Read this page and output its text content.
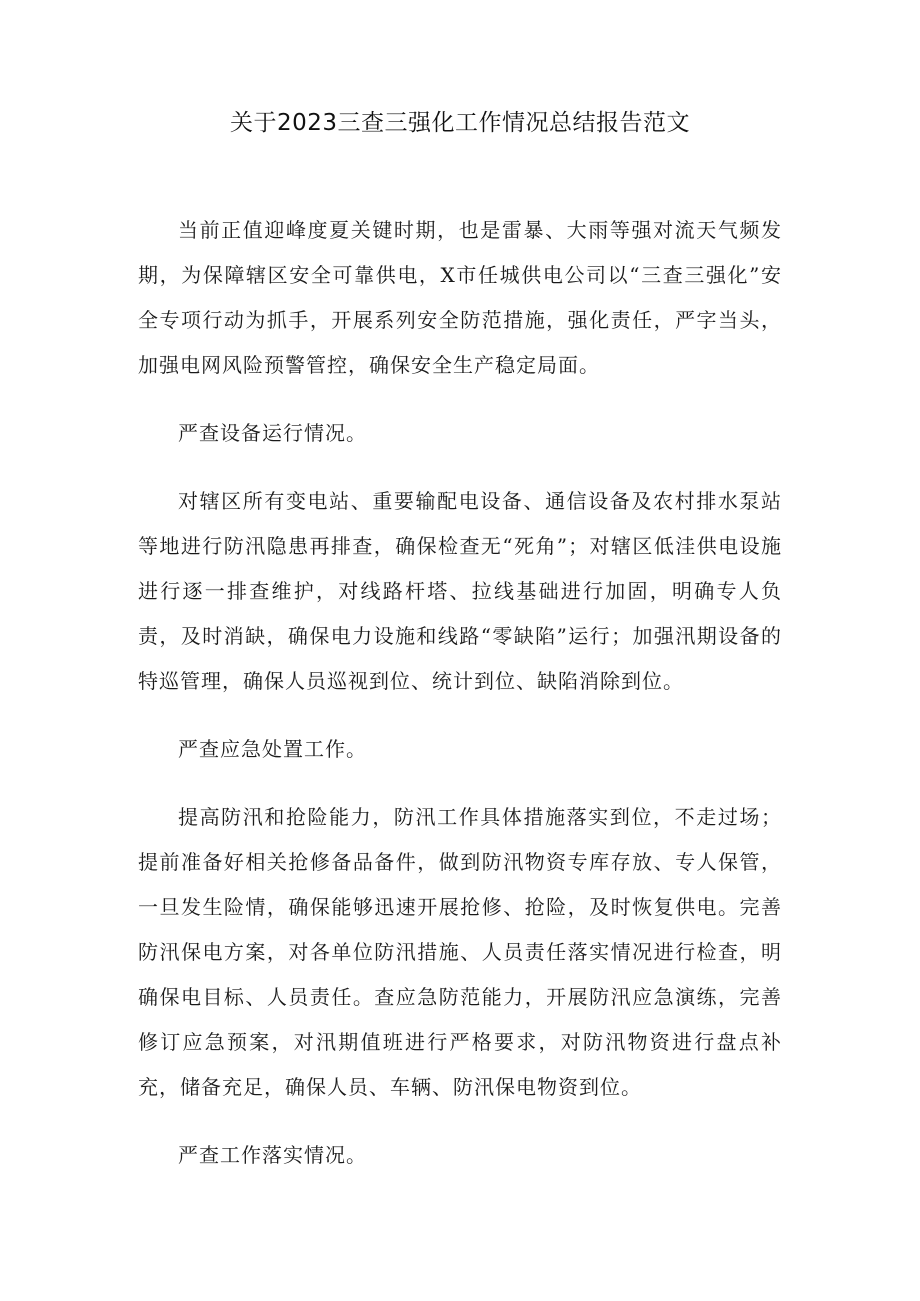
关于2023三查三强化工作情况总结报告范文

当前正值迎峰度夏关键时期，也是雷暴、大雨等强对流天气频发期，为保障辖区安全可靠供电，X市任城供电公司以“三查三强化”安全专项行动为抓手，开展系列安全防范措施，强化责任，严字当头，加强电网风险预警管控，确保安全生产稳定局面。

严查设备运行情况。

对辖区所有变电站、重要输配电设备、通信设备及农村排水泵站等地进行防汛隐患再排查，确保检查无“死角”；对辖区低洼供电设施进行逐一排查维护，对线路杆塔、拉线基础进行加固，明确专人负责，及时消缺，确保电力设施和线路“零缺陷”运行；加强汛期设备的特巡管理，确保人员巡视到位、统计到位、缺陷消除到位。

严查应急处置工作。

提高防汛和抢险能力，防汛工作具体措施落实到位，不走过场；提前准备好相关抢修备品备件，做到防汛物资专库存放、专人保管，一旦发生险情，确保能够迅速开展抢修、抢险，及时恢复供电。完善防汛保电方案，对各单位防汛措施、人员责任落实情况进行检查，明确保电目标、人员责任。查应急防范能力，开展防汛应急演练，完善修订应急预案，对汛期值班进行严格要求，对防汛物资进行盘点补充，储备充足，确保人员、车辆、防汛保电物资到位。

严查工作落实情况。
